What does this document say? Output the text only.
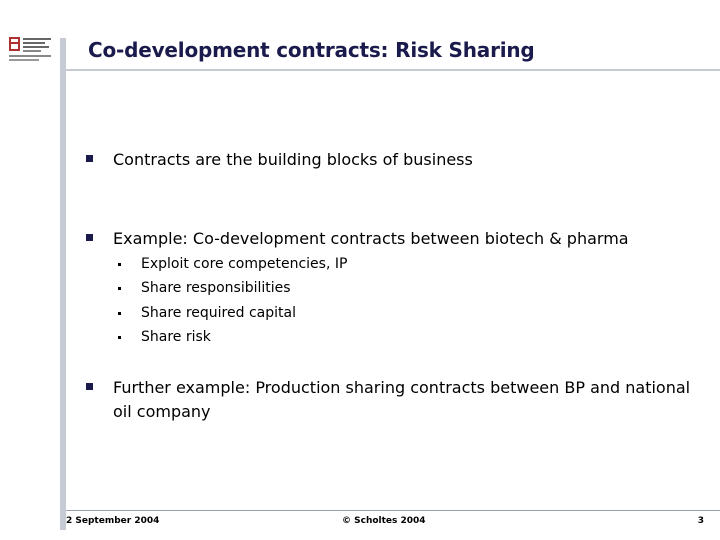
Co-development contracts: Risk Sharing
Contracts are the building blocks of business
Example: Co-development contracts between biotech & pharma
Exploit core competencies, IP
Share responsibilities
Share required capital
Share risk
Further example: Production sharing contracts between BP and national oil company
2 September 2004	© Scholtes 2004	3
